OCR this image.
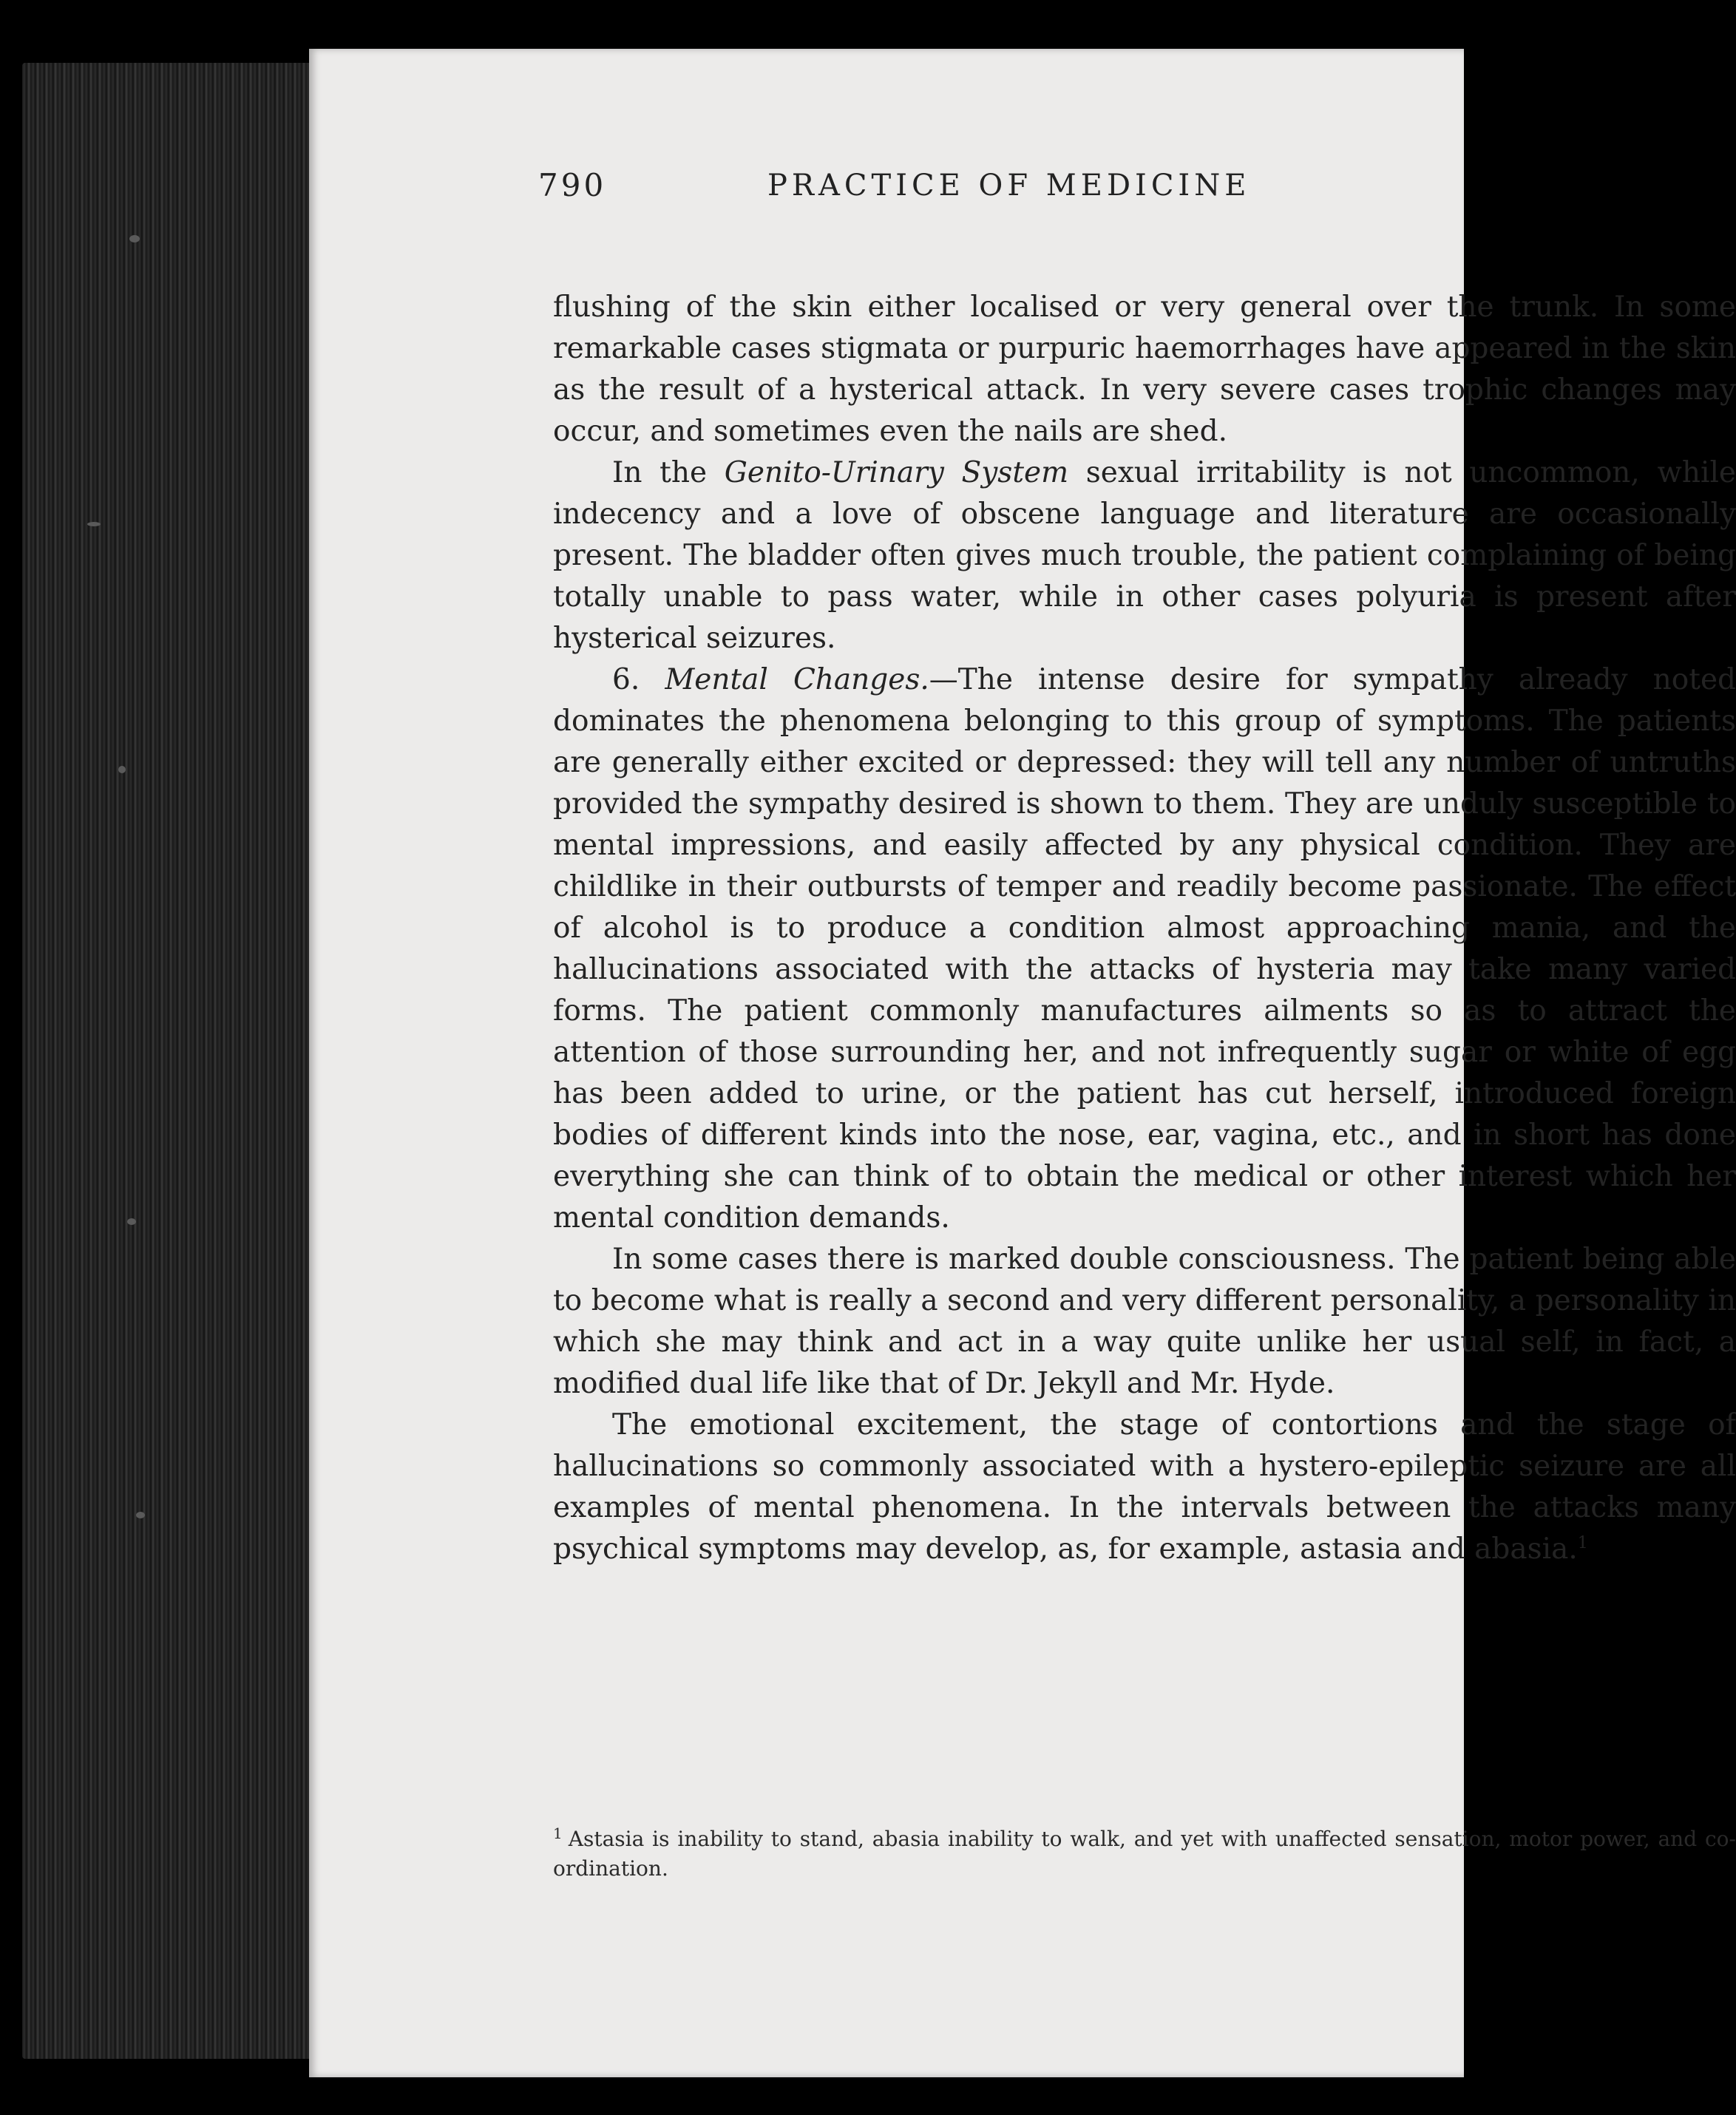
790	PRACTICE OF MEDICINE

flushing of the skin either localised or very general over the trunk. In some remarkable cases stigmata or purpuric haemorrhages have appeared in the skin as the result of a hysterical attack. In very severe cases trophic changes may occur, and sometimes even the nails are shed.

In the Genito-Urinary System sexual irritability is not uncommon, while indecency and a love of obscene language and literature are occasionally present. The bladder often gives much trouble, the patient complaining of being totally unable to pass water, while in other cases polyuria is present after hysterical seizures.

6. Mental Changes.—The intense desire for sympathy already noted dominates the phenomena belonging to this group of symptoms. The patients are generally either excited or depressed: they will tell any number of untruths provided the sympathy desired is shown to them. They are unduly susceptible to mental impressions, and easily affected by any physical condition. They are childlike in their outbursts of temper and readily become passionate. The effect of alcohol is to produce a condition almost approaching mania, and the hallucinations associated with the attacks of hysteria may take many varied forms. The patient commonly manufactures ailments so as to attract the attention of those surrounding her, and not infrequently sugar or white of egg has been added to urine, or the patient has cut herself, introduced foreign bodies of different kinds into the nose, ear, vagina, etc., and in short has done everything she can think of to obtain the medical or other interest which her mental condition demands.

In some cases there is marked double consciousness. The patient being able to become what is really a second and very different personality, a personality in which she may think and act in a way quite unlike her usual self, in fact, a modified dual life like that of Dr. Jekyll and Mr. Hyde.

The emotional excitement, the stage of contortions and the stage of hallucinations so commonly associated with a hystero-epileptic seizure are all examples of mental phenomena. In the intervals between the attacks many psychical symptoms may develop, as, for example, astasia and abasia.$^1$

$^1$ Astasia is inability to stand, abasia inability to walk, and yet with unaffected sensation, motor power, and co-ordination.
